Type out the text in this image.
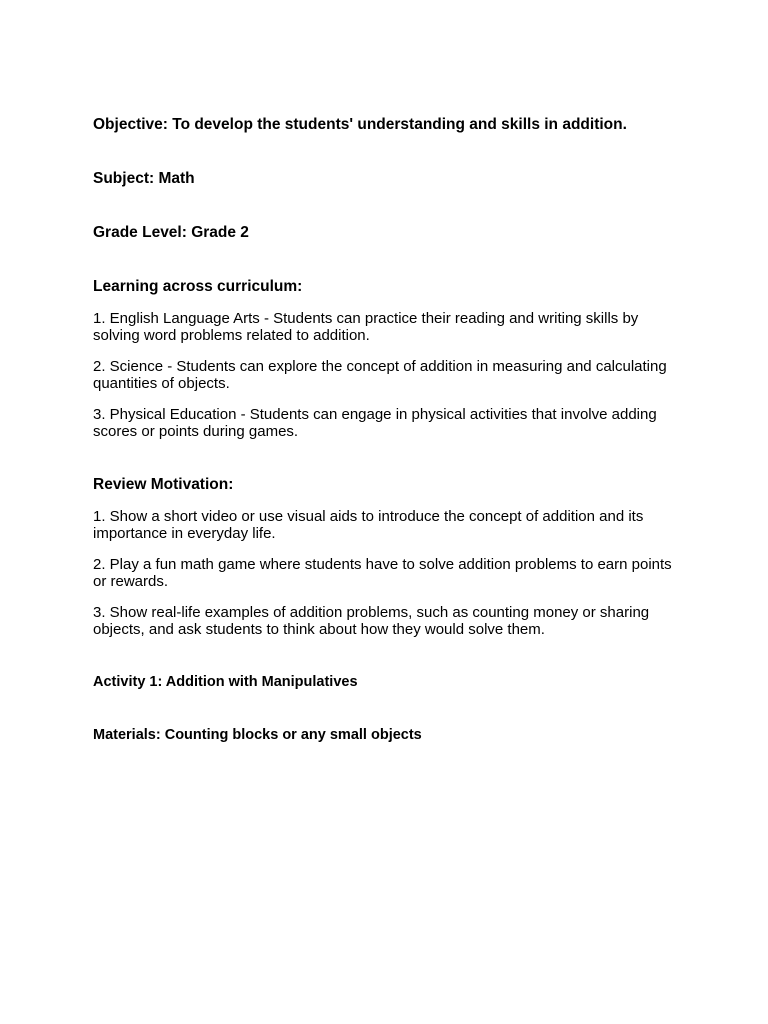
Objective: To develop the students' understanding and skills in addition.

Subject: Math

Grade Level: Grade 2

Learning across curriculum:

1. English Language Arts - Students can practice their reading and writing skills by solving word problems related to addition.
2. Science - Students can explore the concept of addition in measuring and calculating quantities of objects.
3. Physical Education - Students can engage in physical activities that involve adding scores or points during games.

Review Motivation:

1. Show a short video or use visual aids to introduce the concept of addition and its importance in everyday life.
2. Play a fun math game where students have to solve addition problems to earn points or rewards.
3. Show real-life examples of addition problems, such as counting money or sharing objects, and ask students to think about how they would solve them.

Activity 1: Addition with Manipulatives

Materials: Counting blocks or any small objects
